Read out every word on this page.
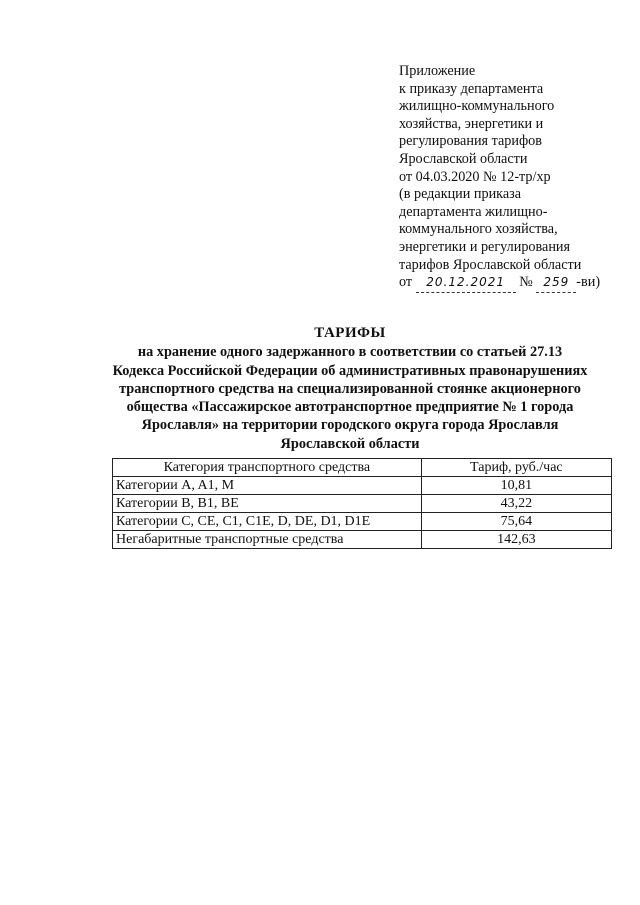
Приложение
к приказу департамента
жилищно-коммунального
хозяйства, энергетики и
регулирования тарифов
Ярославской области
от 04.03.2020 № 12-тр/хр
(в редакции приказа
департамента жилищно-
коммунального хозяйства,
энергетики и регулирования
тарифов Ярославской области
от 20.12.2021 № 259 -ви)
ТАРИФЫ
на хранение одного задержанного в соответствии со статьей 27.13
Кодекса Российской Федерации об административных правонарушениях
транспортного средства на специализированной стоянке акционерного
общества «Пассажирское автотранспортное предприятие № 1 города
Ярославля» на территории городского округа города Ярославля
Ярославской области
Категория транспортного средства	Тариф, руб./час
Категории A, A1, M	10,81
Категории B, B1, BE	43,22
Категории C, CE, C1, C1E, D, DE, D1, D1E	75,64
Негабаритные транспортные средства	142,63
